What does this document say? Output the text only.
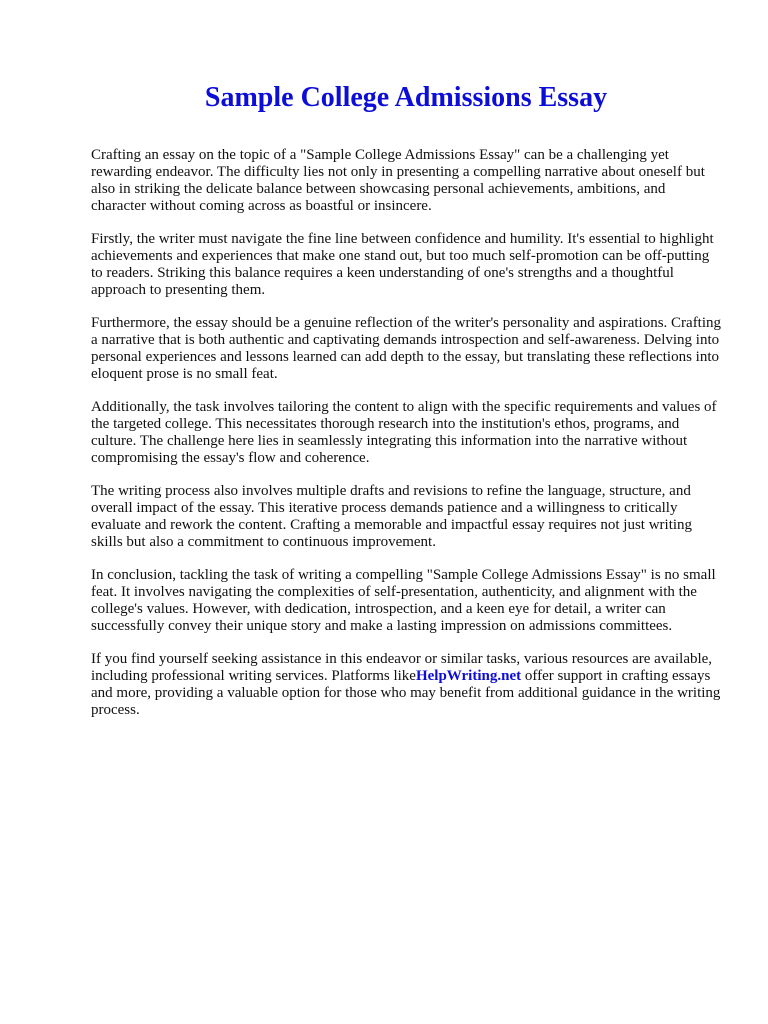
Sample College Admissions Essay

Crafting an essay on the topic of a "Sample College Admissions Essay" can be a challenging yet rewarding endeavor. The difficulty lies not only in presenting a compelling narrative about oneself but also in striking the delicate balance between showcasing personal achievements, ambitions, and character without coming across as boastful or insincere.

Firstly, the writer must navigate the fine line between confidence and humility. It's essential to highlight achievements and experiences that make one stand out, but too much self-promotion can be off-putting to readers. Striking this balance requires a keen understanding of one's strengths and a thoughtful approach to presenting them.

Furthermore, the essay should be a genuine reflection of the writer's personality and aspirations. Crafting a narrative that is both authentic and captivating demands introspection and self-awareness. Delving into personal experiences and lessons learned can add depth to the essay, but translating these reflections into eloquent prose is no small feat.

Additionally, the task involves tailoring the content to align with the specific requirements and values of the targeted college. This necessitates thorough research into the institution's ethos, programs, and culture. The challenge here lies in seamlessly integrating this information into the narrative without compromising the essay's flow and coherence.

The writing process also involves multiple drafts and revisions to refine the language, structure, and overall impact of the essay. This iterative process demands patience and a willingness to critically evaluate and rework the content. Crafting a memorable and impactful essay requires not just writing skills but also a commitment to continuous improvement.

In conclusion, tackling the task of writing a compelling "Sample College Admissions Essay" is no small feat. It involves navigating the complexities of self-presentation, authenticity, and alignment with the college's values. However, with dedication, introspection, and a keen eye for detail, a writer can successfully convey their unique story and make a lasting impression on admissions committees.

If you find yourself seeking assistance in this endeavor or similar tasks, various resources are available, including professional writing services. Platforms likeHelpWriting.net offer support in crafting essays and more, providing a valuable option for those who may benefit from additional guidance in the writing process.
